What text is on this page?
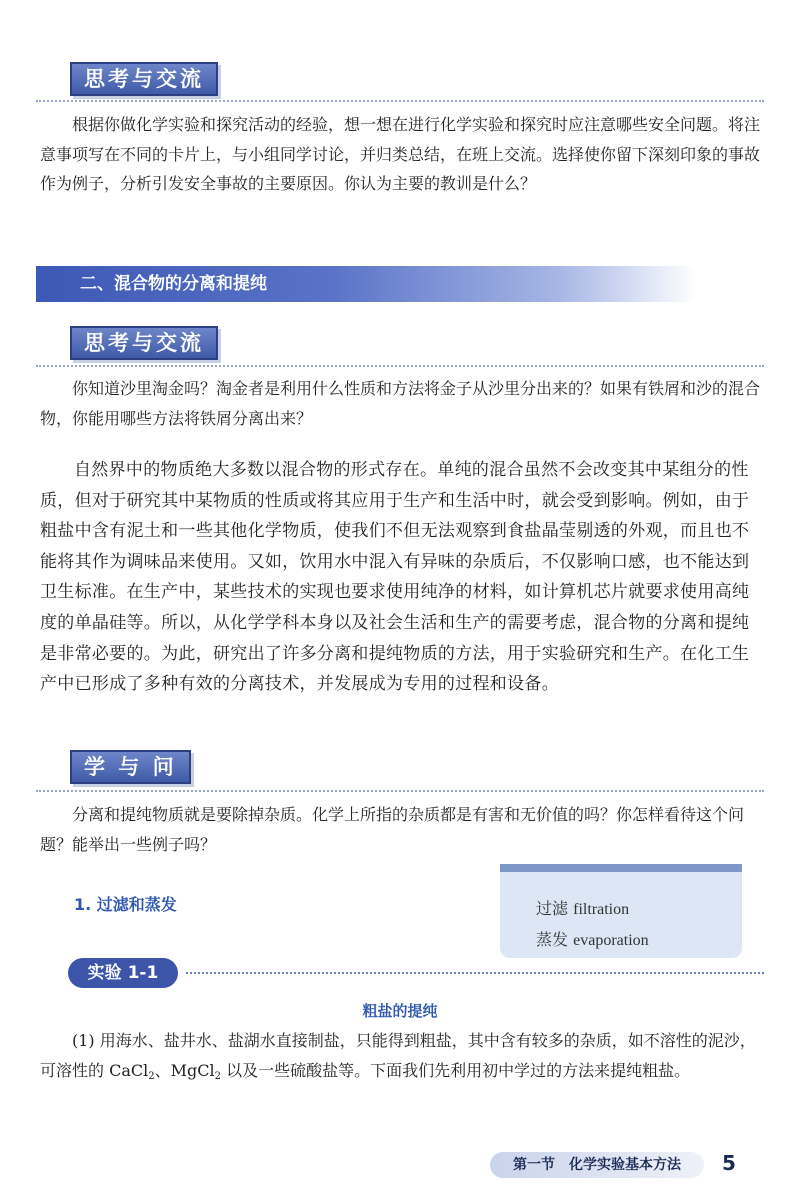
思考与交流
根据你做化学实验和探究活动的经验，想一想在进行化学实验和探究时应注意哪些安全问题。将注意事项写在不同的卡片上，与小组同学讨论，并归类总结，在班上交流。选择使你留下深刻印象的事故作为例子，分析引发安全事故的主要原因。你认为主要的教训是什么？
二、混合物的分离和提纯
思考与交流
你知道沙里淘金吗？淘金者是利用什么性质和方法将金子从沙里分出来的？如果有铁屑和沙的混合物，你能用哪些方法将铁屑分离出来？
自然界中的物质绝大多数以混合物的形式存在。单纯的混合虽然不会改变其中某组分的性质，但对于研究其中某物质的性质或将其应用于生产和生活中时，就会受到影响。例如，由于粗盐中含有泥土和一些其他化学物质，使我们不但无法观察到食盐晶莹剔透的外观，而且也不能将其作为调味品来使用。又如，饮用水中混入有异味的杂质后，不仅影响口感，也不能达到卫生标准。在生产中，某些技术的实现也要求使用纯净的材料，如计算机芯片就要求使用高纯度的单晶硅等。所以，从化学学科本身以及社会生活和生产的需要考虑，混合物的分离和提纯是非常必要的。为此，研究出了许多分离和提纯物质的方法，用于实验研究和生产。在化工生产中已形成了多种有效的分离技术，并发展成为专用的过程和设备。
学 与 问
分离和提纯物质就是要除掉杂质。化学上所指的杂质都是有害和无价值的吗？你怎样看待这个问题？能举出一些例子吗？
1. 过滤和蒸发	过滤 filtration
蒸发 evaporation
实验 1-1
粗盐的提纯
(1) 用海水、盐井水、盐湖水直接制盐，只能得到粗盐，其中含有较多的杂质，如不溶性的泥沙，可溶性的 CaCl$_2$、MgCl$_2$ 以及一些硫酸盐等。下面我们先利用初中学过的方法来提纯粗盐。
第一节　化学实验基本方法	5
